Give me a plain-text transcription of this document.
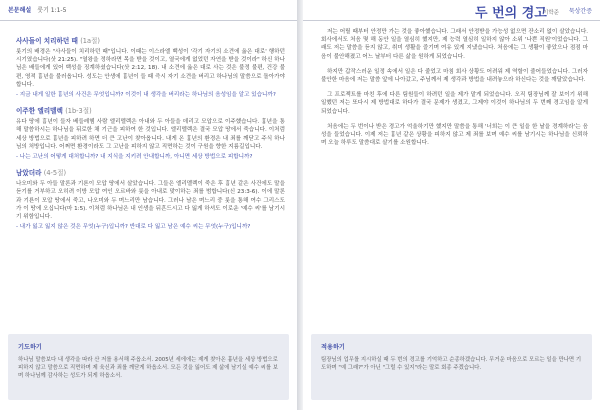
본문해설 룻기 1:1-5
사사들이 치리하던 때 (1a절)
룻기의 배경은 "사사들이 치리하던 때"입니다. 이때는 이스라엘 백성이 '각기 자기의 소견에 옳은 대로' 행하던 시기였습니다(삿 21:25). "열왕을 정하라면 목을 받을 것이고, 열국에게 없었던 자연을 받을 것이라" 하신 하나님은 배들에게 있어 백성을 징계하셨습니다(삿 2:12, 18). 내 소견에 옳은 대로 사는 것은 불정 불편, 건강 불편, 영적 흉년을 불러옵니다. 성도는 안생에 흉년이 들 때 즉시 자기 소견을 버리고 하나님의 말씀으로 돌아가야 합니다.
- 지금 내게 일한 흉년의 사건은 무엇입니까? 이것이 내 생각을 버리라는 하나님의 음성임을 알고 있습니까?
이주한 엘리멜렉 (1b-3절)
유다 땅에 흉년이 들자 베들레헴 사람 엘리멜렉은 아내와 두 아들을 데리고 모압으로 이주했습니다. 흉년을 통해 말씀하시는 하나님을 뒤로한 채 기근을 피하여 한 것입니다. 엘리멜렉은 결국 모압 땅에서 죽습니다. 이처럼 세상 방법으로 흉년을 피하려 하면 더 큰 고난이 찾아옵니다. 내게 온 흉년의 환경은 내 죄를 깨닫고 주식 하나님의 처방입니다. 어쩌면 환경이라도 그 고난을 피하지 않고 직면하는 것이 구원을 향한 지름길입니다.
- 나는 고난의 어떻게 대처합니까? 내 지식을 지키려 안내합니까, 아니면 세상 방법으로 피합니까?
남았더라 (4-5절)
나오미와 두 아들 말론과 기룐이 모압 땅에서 살았습니다. 그들은 엘리멜렉이 죽은 후 흉년 같은 사건에도 말을 듣기를 거부하고 오히려 이방 모압 여인 오르바와 룻을 아내로 맞이하는 죄를 범합니다(신 23:3-6). 이에 말론과 기룐이 모압 땅에서 죽고, 나오미와 두 며느리만 남습니다. 그러나 남은 며느리 중 룻을 통해 여수 그리스도가 이 땅에 오십니다(마 1:5). 이처럼 하나님은 내 인생을 뒤흔드시고 다 잃게 하셔도 이로운 '예수 씨'를 남기시기 위함입니다.
- 내가 잃고 잃지 않은 것은 무엇(누구)입니까? 반대로 다 잃고 남은 예수 씨는 무엇(누구)입니까?
기도하기
하나님 말씀보다 내 생각을 따라 산 저를 용서해 주옵소서. 2005년 세에에는 제게 찾아온 흉년을 세상 방법으로 피하지 않고 말씀으로 직면하며 제 육신과 죄를 깨닫게 하옵소서. 모든 것을 잃어도 제 삶에 남기실 예수 씨를 보며 하나님께 감사하는 성도가 되게 하옵소서.
두 번의 경고
이학준 묵상간증
저는 어릴 때부터 안정만 가는 것을 좋아했습니다. 그래서 안정받을 가능성 없으면 잔소리 없이 살았습니다. 회사에서도 처음 몇 해 동안 일을 열심히 했지만, 제 능력 열심히 일하지 않아 소위 '나쁜 직원'이었습니다. 그래도 저는 말씀을 듣지 않고, 취미 생활을 즐기며 여유 있게 지냈습니다. 처음에는 그 생활이 좋았으나 점점 마음이 불안해졌고 어느 날부터 다른 삶을 원하게 되었습니다.
하지만 갑작스러운 일정 속에서 일은 다 줄었고 마침 회사 상황도 어려워 제 역할이 줄어들었습니다. 그러자 불안한 마음에 저는 말씀 앞에 나아갔고, 주님께서 제 생각과 방법을 내려놓으라 하신다는 것을 깨달았습니다.
그 프로젝트를 마친 후에 다른 팀원들이 하려던 일을 제가 맡게 되었습니다. 오직 팀장님께 잘 보이기 위해 일했던 저는 또다시 제 방법대로 하다가 결국 문제가 생겼고, 그제야 이것이 하나님의 두 번째 경고임을 알게 되었습니다.
처음에는 두 번이나 받은 경고가 억울하기만 했지만 말씀을 통해 '너희는 이 큰 일을 한 날을 경계하라'는 음성을 들었습니다. 이제 저는 흉년 같은 상황을 피하지 않고 제 죄를 보며 예수 씨를 남기시는 하나님을 신뢰하며 오늘 하루도 말씀대로 살기를 소원합니다.
적용하기
팀장님의 업무를 지시하실 때 두 번의 경고를 기억하고 순종하겠습니다. 무거운 마음으로 모르는 일을 만나면 기도하며 "예 그래?"가 아닌 "그럴 수 있지"라는 말로 회종 주겠습니다.
